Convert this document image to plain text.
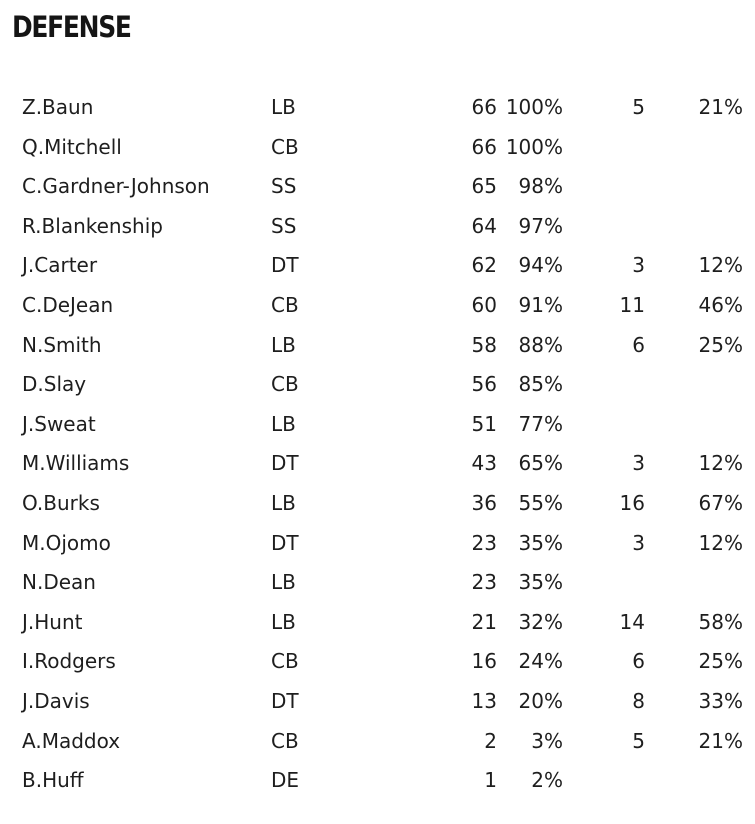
DEFENSE
Z.Baun	LB	66 100%	5	21%
Q.Mitchell	CB	66 100%
C.Gardner-Johnson	SS	65 98%
R.Blankenship	SS	64 97%
J.Carter	DT	62 94%	3	12%
C.DeJean	CB	60 91%	11	46%
N.Smith	LB	58 88%	6	25%
D.Slay	CB	56 85%
J.Sweat	LB	51 77%
M.Williams	DT	43 65%	3	12%
O.Burks	LB	36 55%	16	67%
M.Ojomo	DT	23 35%	3	12%
N.Dean	LB	23 35%
J.Hunt	LB	21 32%	14	58%
I.Rodgers	CB	16 24%	6	25%
J.Davis	DT	13 20%	8	33%
A.Maddox	CB	2 3%	5	21%
B.Huff	DE	1 2%
